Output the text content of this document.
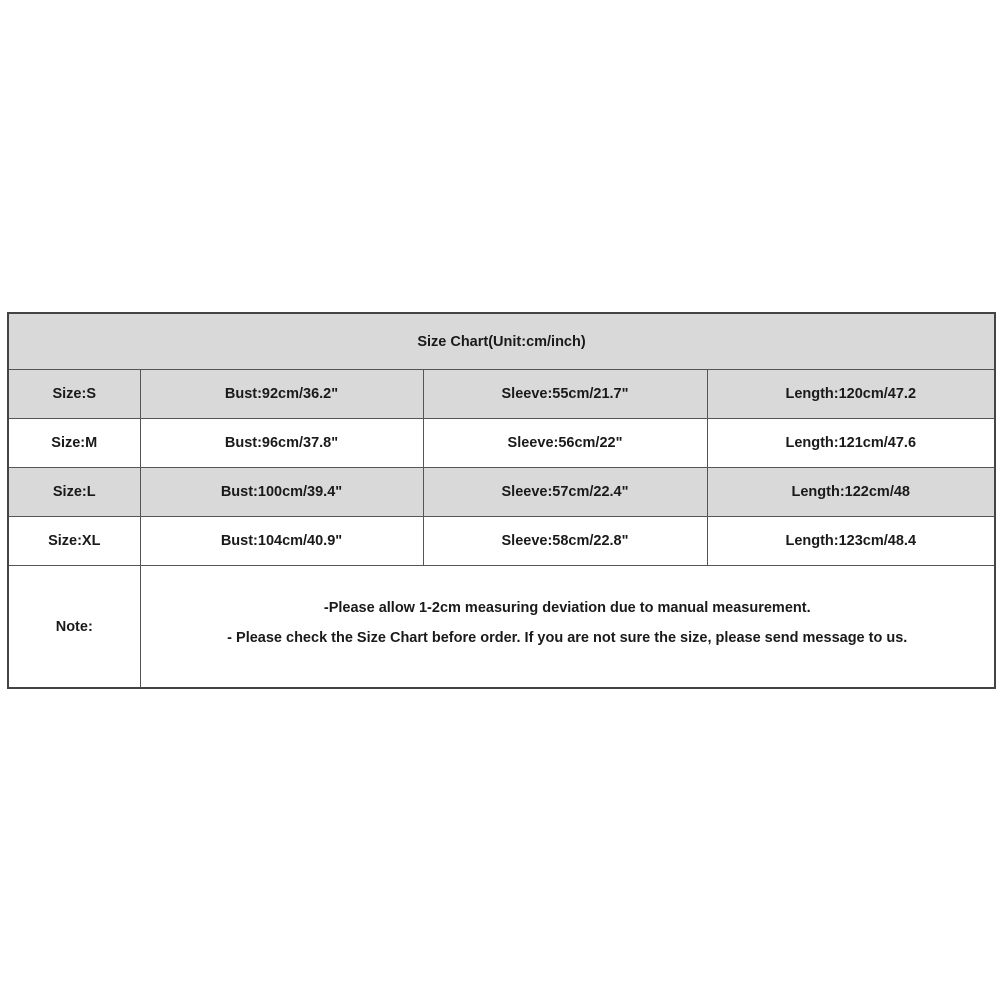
Size Chart(Unit:cm/inch)			
Size:S	Bust:92cm/36.2"	Sleeve:55cm/21.7"	Length:120cm/47.2
Size:M	Bust:96cm/37.8"	Sleeve:56cm/22"	Length:121cm/47.6
Size:L	Bust:100cm/39.4"	Sleeve:57cm/22.4"	Length:122cm/48
Size:XL	Bust:104cm/40.9"	Sleeve:58cm/22.8"	Length:123cm/48.4
Note:	-Please allow 1-2cm measuring deviation due to manual measurement.
- Please check the Size Chart before order. If you are not sure the size, please send message to us.		
